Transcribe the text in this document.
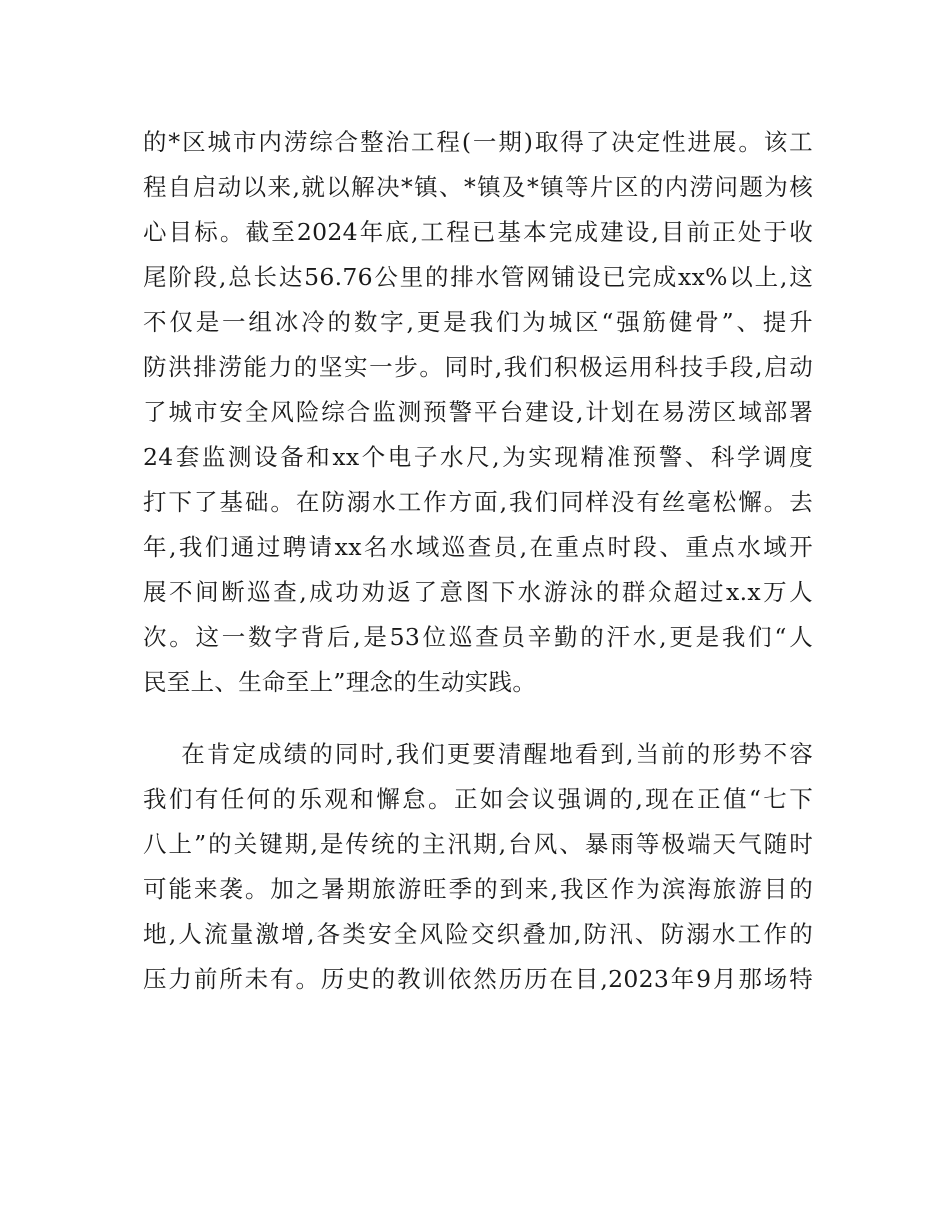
的*区城市内涝综合整治工程(一期)取得了决定性进展。该工
程自启动以来,就以解决*镇、*镇及*镇等片区的内涝问题为核
心目标。截至2024年底,工程已基本完成建设,目前正处于收
尾阶段,总长达56.76公里的排水管网铺设已完成xx%以上,这
不仅是一组冰冷的数字,更是我们为城区“强筋健骨”、提升
防洪排涝能力的坚实一步。同时,我们积极运用科技手段,启动
了城市安全风险综合监测预警平台建设,计划在易涝区域部署
24套监测设备和xx个电子水尺,为实现精准预警、科学调度
打下了基础。在防溺水工作方面,我们同样没有丝毫松懈。去
年,我们通过聘请xx名水域巡查员,在重点时段、重点水域开
展不间断巡查,成功劝返了意图下水游泳的群众超过x.x万人
次。这一数字背后,是53位巡查员辛勤的汗水,更是我们“人
民至上、生命至上”理念的生动实践。
在肯定成绩的同时,我们更要清醒地看到,当前的形势不容
我们有任何的乐观和懈怠。正如会议强调的,现在正值“七下
八上”的关键期,是传统的主汛期,台风、暴雨等极端天气随时
可能来袭。加之暑期旅游旺季的到来,我区作为滨海旅游目的
地,人流量激增,各类安全风险交织叠加,防汛、防溺水工作的
压力前所未有。历史的教训依然历历在目,2023年9月那场特
